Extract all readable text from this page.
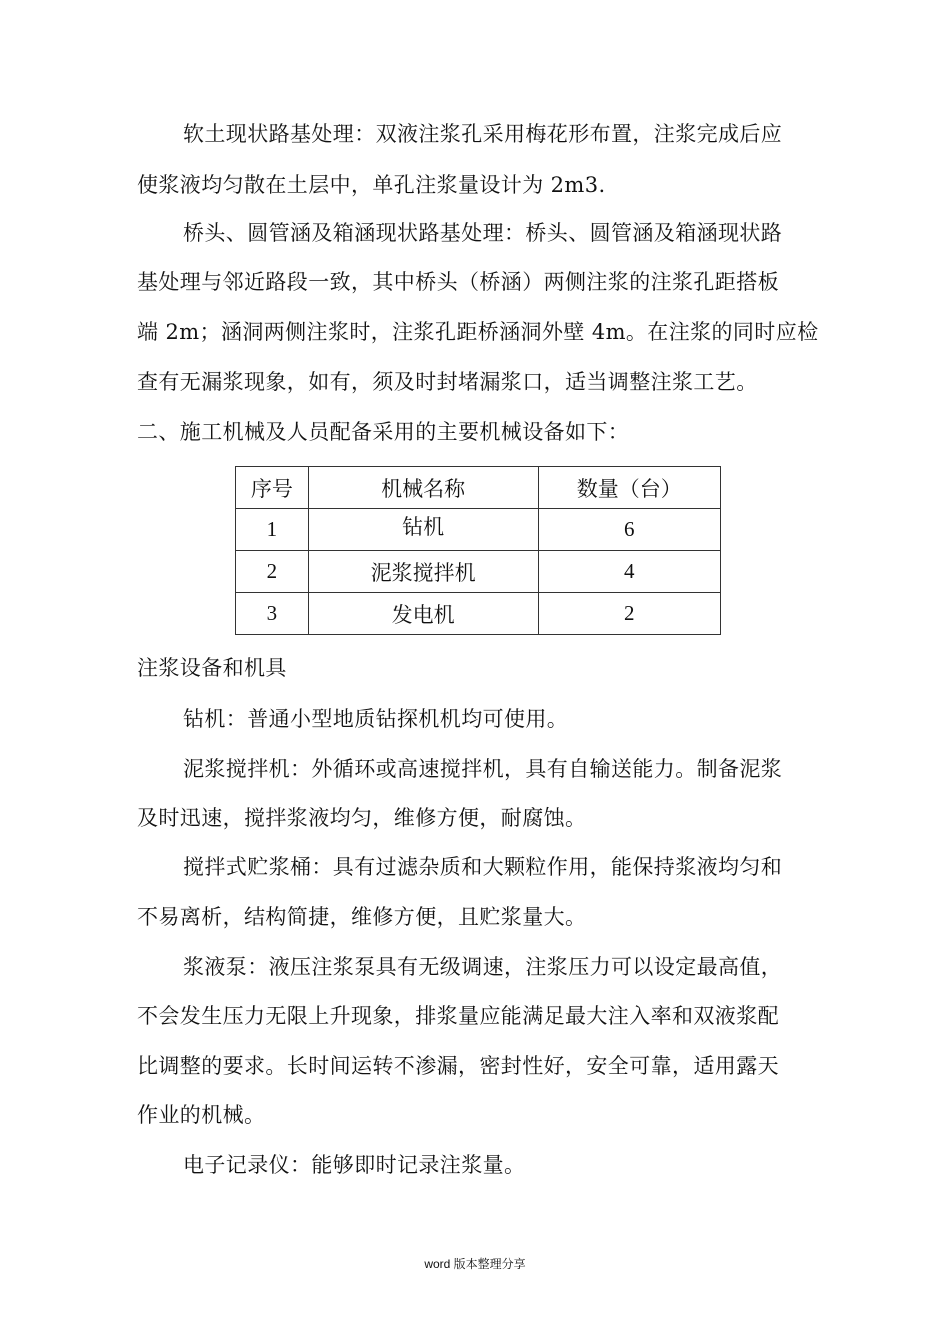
软土现状路基处理：双液注浆孔采用梅花形布置，注浆完成后应
使浆液均匀散在土层中，单孔注浆量设计为 2m3.
桥头、圆管涵及箱涵现状路基处理：桥头、圆管涵及箱涵现状路
基处理与邻近路段一致，其中桥头（桥涵）两侧注浆的注浆孔距搭板
端 2m；涵洞两侧注浆时，注浆孔距桥涵洞外壁 4m。在注浆的同时应检
查有无漏浆现象，如有，须及时封堵漏浆口，适当调整注浆工艺。
二、施工机械及人员配备采用的主要机械设备如下：
序号	机械名称	数量（台）
1	钻机	6
2	泥浆搅拌机	4
3	发电机	2
注浆设备和机具
钻机：普通小型地质钻探机机均可使用。
泥浆搅拌机：外循环或高速搅拌机，具有自输送能力。制备泥浆
及时迅速，搅拌浆液均匀，维修方便，耐腐蚀。
搅拌式贮浆桶：具有过滤杂质和大颗粒作用，能保持浆液均匀和
不易离析，结构简捷，维修方便，且贮浆量大。
浆液泵：液压注浆泵具有无级调速，注浆压力可以设定最高值，
不会发生压力无限上升现象，排浆量应能满足最大注入率和双液浆配
比调整的要求。长时间运转不渗漏，密封性好，安全可靠，适用露天
作业的机械。
电子记录仪：能够即时记录注浆量。
word 版本整理分享
